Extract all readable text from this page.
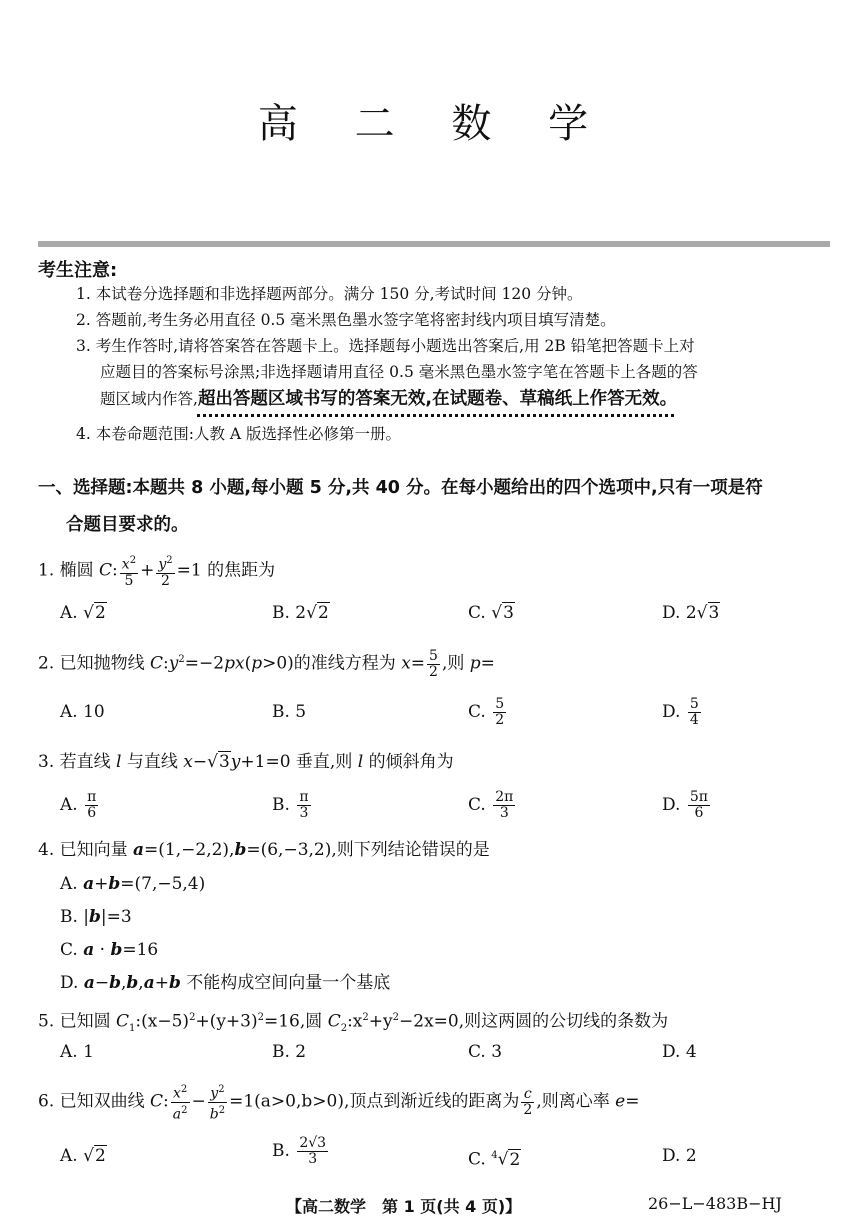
高 二 数 学
考生注意:
1. 本试卷分选择题和非选择题两部分。满分 150 分,考试时间 120 分钟。
2. 答题前,考生务必用直径 0.5 毫米黑色墨水签字笔将密封线内项目填写清楚。
3. 考生作答时,请将答案答在答题卡上。选择题每小题选出答案后,用 2B 铅笔把答题卡上对
应题目的答案标号涂黑;非选择题请用直径 0.5 毫米黑色墨水签字笔在答题卡上各题的答
题区域内作答,超出答题区域书写的答案无效,在试题卷、草稿纸上作答无效。
4. 本卷命题范围:人教 A 版选择性必修第一册。
一、选择题:本题共 8 小题,每小题 5 分,共 40 分。在每小题给出的四个选项中,只有一项是符
合题目要求的。
1. 椭圆 C: $\frac{x^2}{5} + \frac{y^2}{2} =1$ 的焦距为
A. √2	B. 2√2	C. √3	D. 2√3
2. 已知抛物线 $C:y^2=-2px(p>0)$的准线方程为 $x= \frac{5}{2}$ ,则 p=
A. 10	B. 5	C. $\frac{5}{2}$	D. $\frac{5}{4}$
3. 若直线 l 与直线 x−√3y+1=0 垂直,则 l 的倾斜角为
A. $\frac{\pi}{6}$	B. $\frac{\pi}{3}$	C. $\frac{2\pi}{3}$	D. $\frac{5\pi}{6}$
4. 已知向量 a=(1,−2,2),b=(6,−3,2),则下列结论错误的是
A. a+b=(7,−5,4)
B. |b|=3
C. a · b=16
D. a−b,b,a+b 不能构成空间向量一个基底
5. 已知圆 $C_1:(x-5)^2+(y+3)^2=16$,圆 $C_2:x^2+y^2-2x=0$,则这两圆的公切线的条数为
A. 1	B. 2	C. 3	D. 4
6. 已知双曲线 C: $\frac{x^2}{a^2} - \frac{y^2}{b^2} =1(a>0,b>0)$,顶点到渐近线的距离为 $\frac{c}{2}$ ,则离心率 e=
A. √2	B. $\frac{2√3}{3}$	C. $^4$√2	D. 2
【高二数学　第 1 页(共 4 页)】	26−L−483B−HJ
